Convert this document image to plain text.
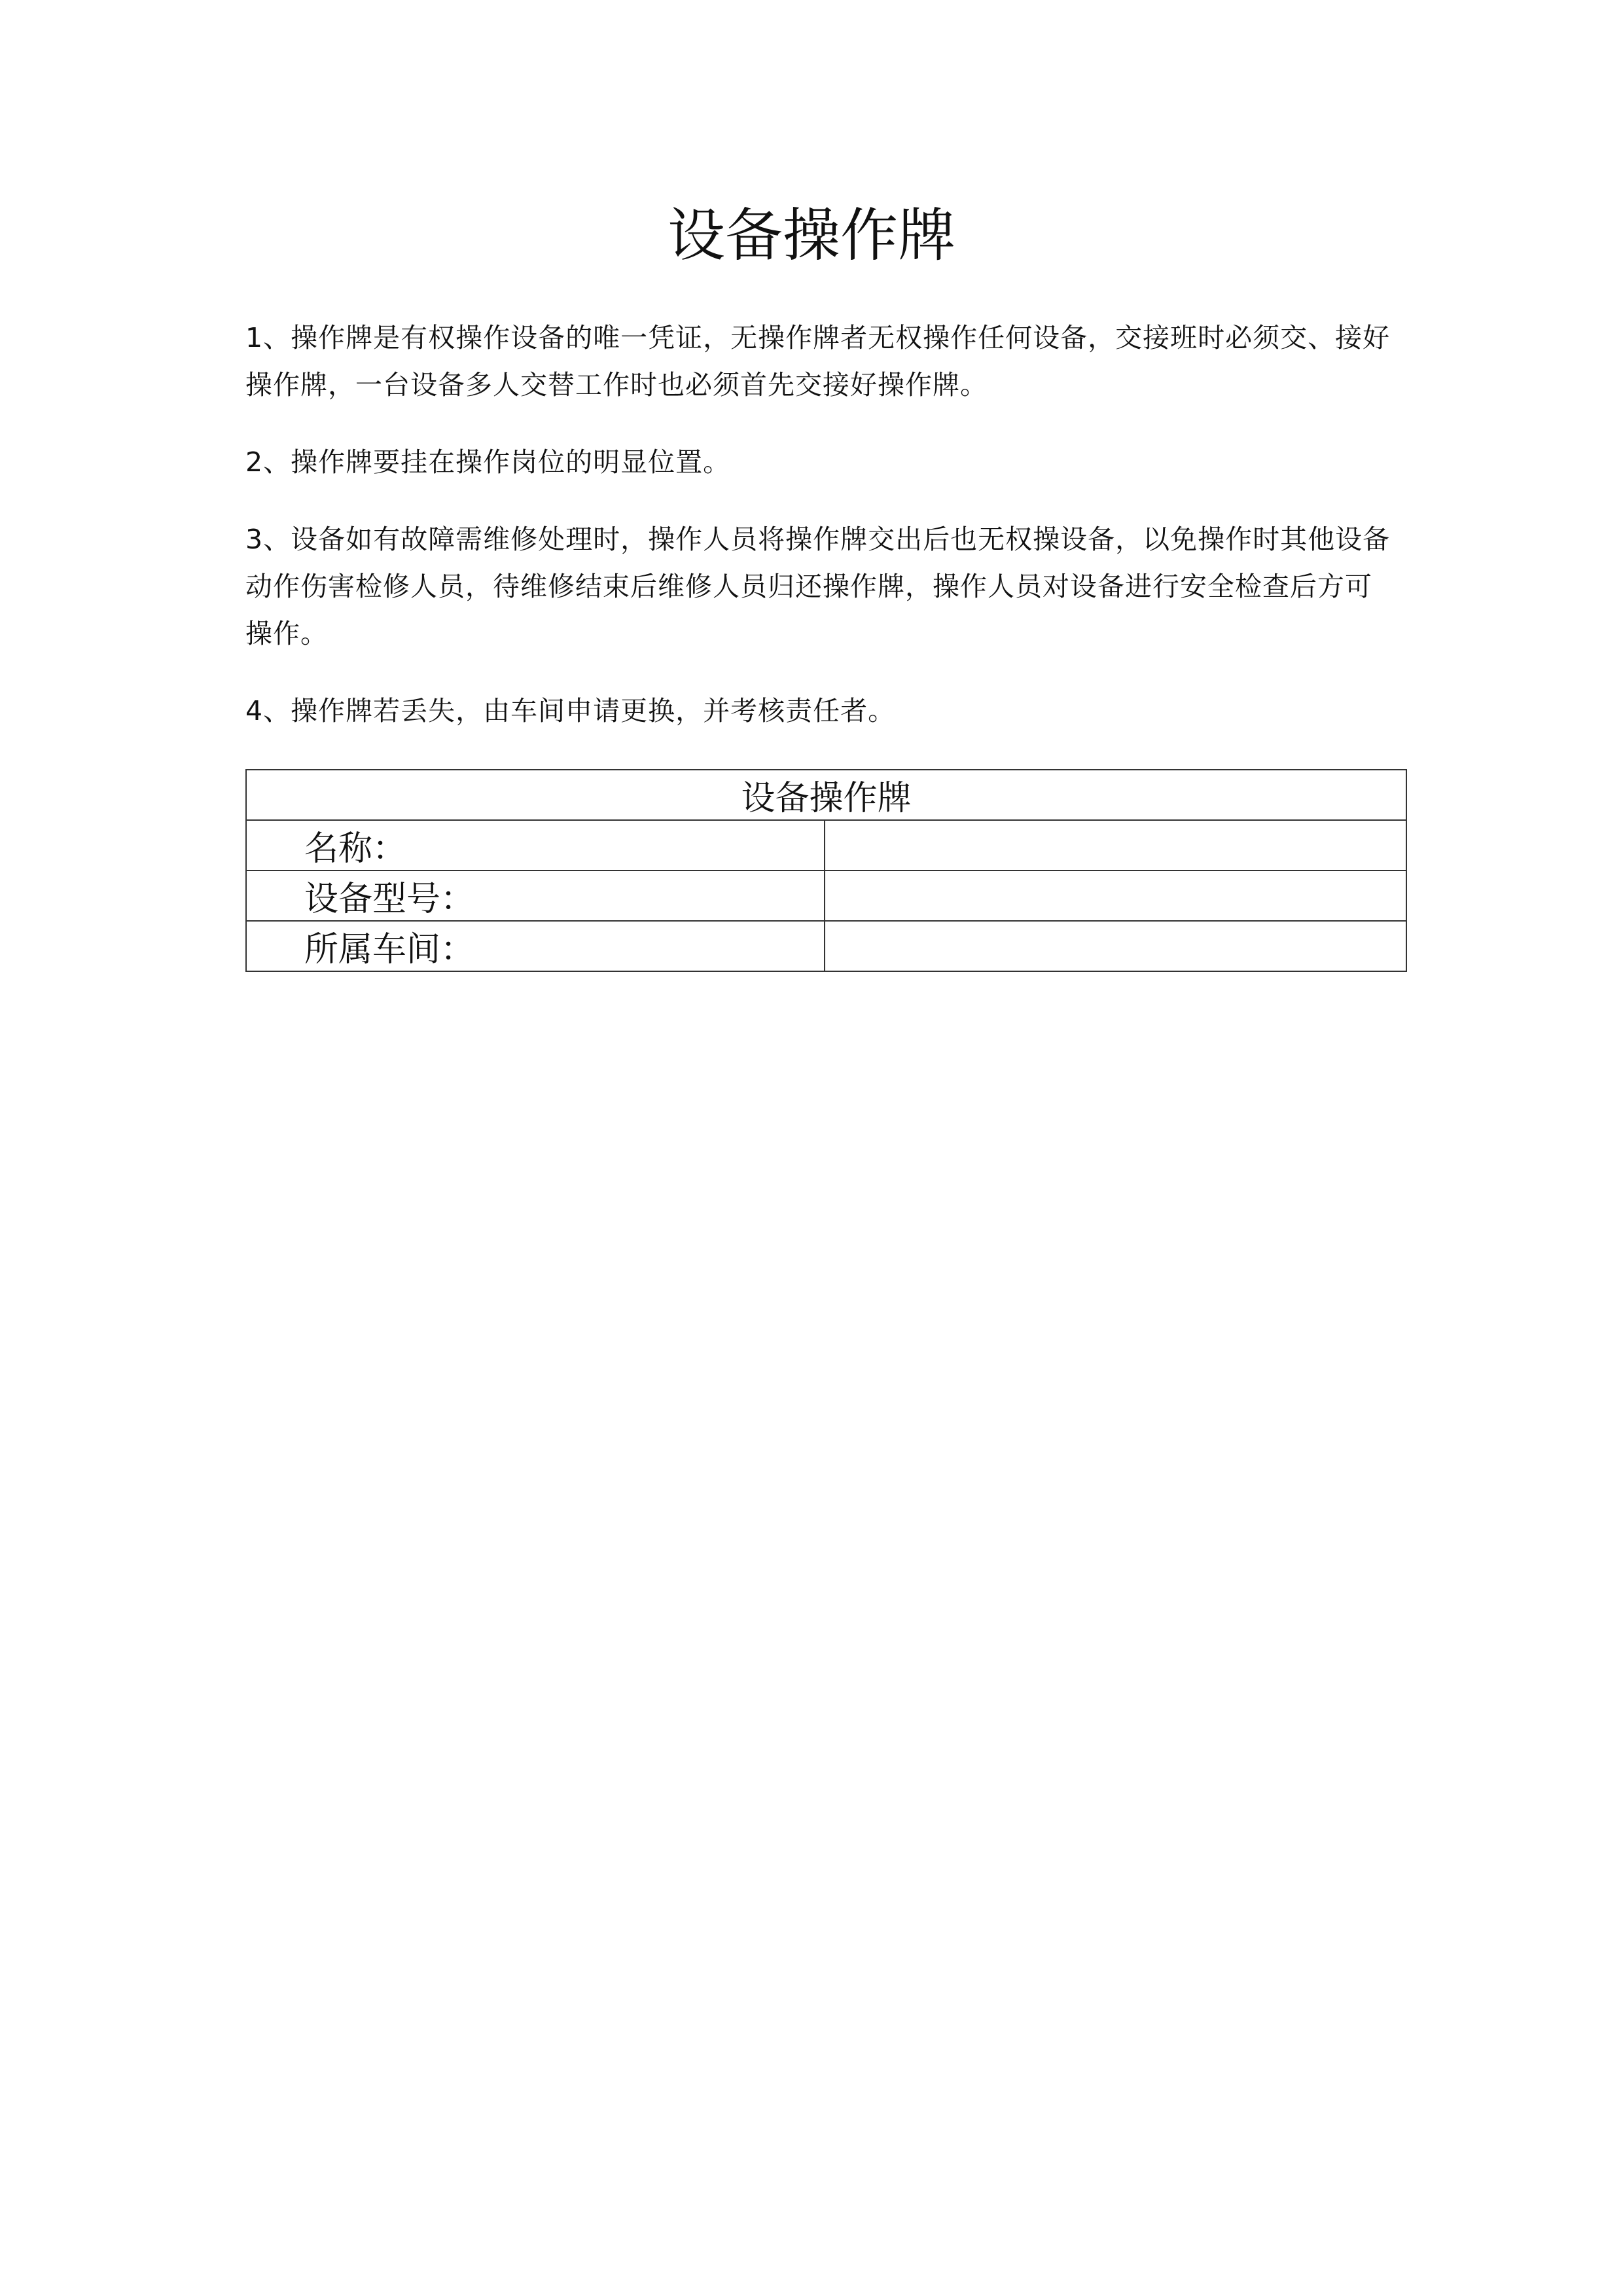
设备操作牌

1、操作牌是有权操作设备的唯一凭证，无操作牌者无权操作任何设备，交接班时必须交、接好操作牌，一台设备多人交替工作时也必须首先交接好操作牌。

2、操作牌要挂在操作岗位的明显位置。

3、设备如有故障需维修处理时，操作人员将操作牌交出后也无权操设备，以免操作时其他设备动作伤害检修人员，待维修结束后维修人员归还操作牌，操作人员对设备进行安全检查后方可操作。

4、操作牌若丢失，由车间申请更换，并考核责任者。

设备操作牌	
名称：	
设备型号：	
所属车间：	
